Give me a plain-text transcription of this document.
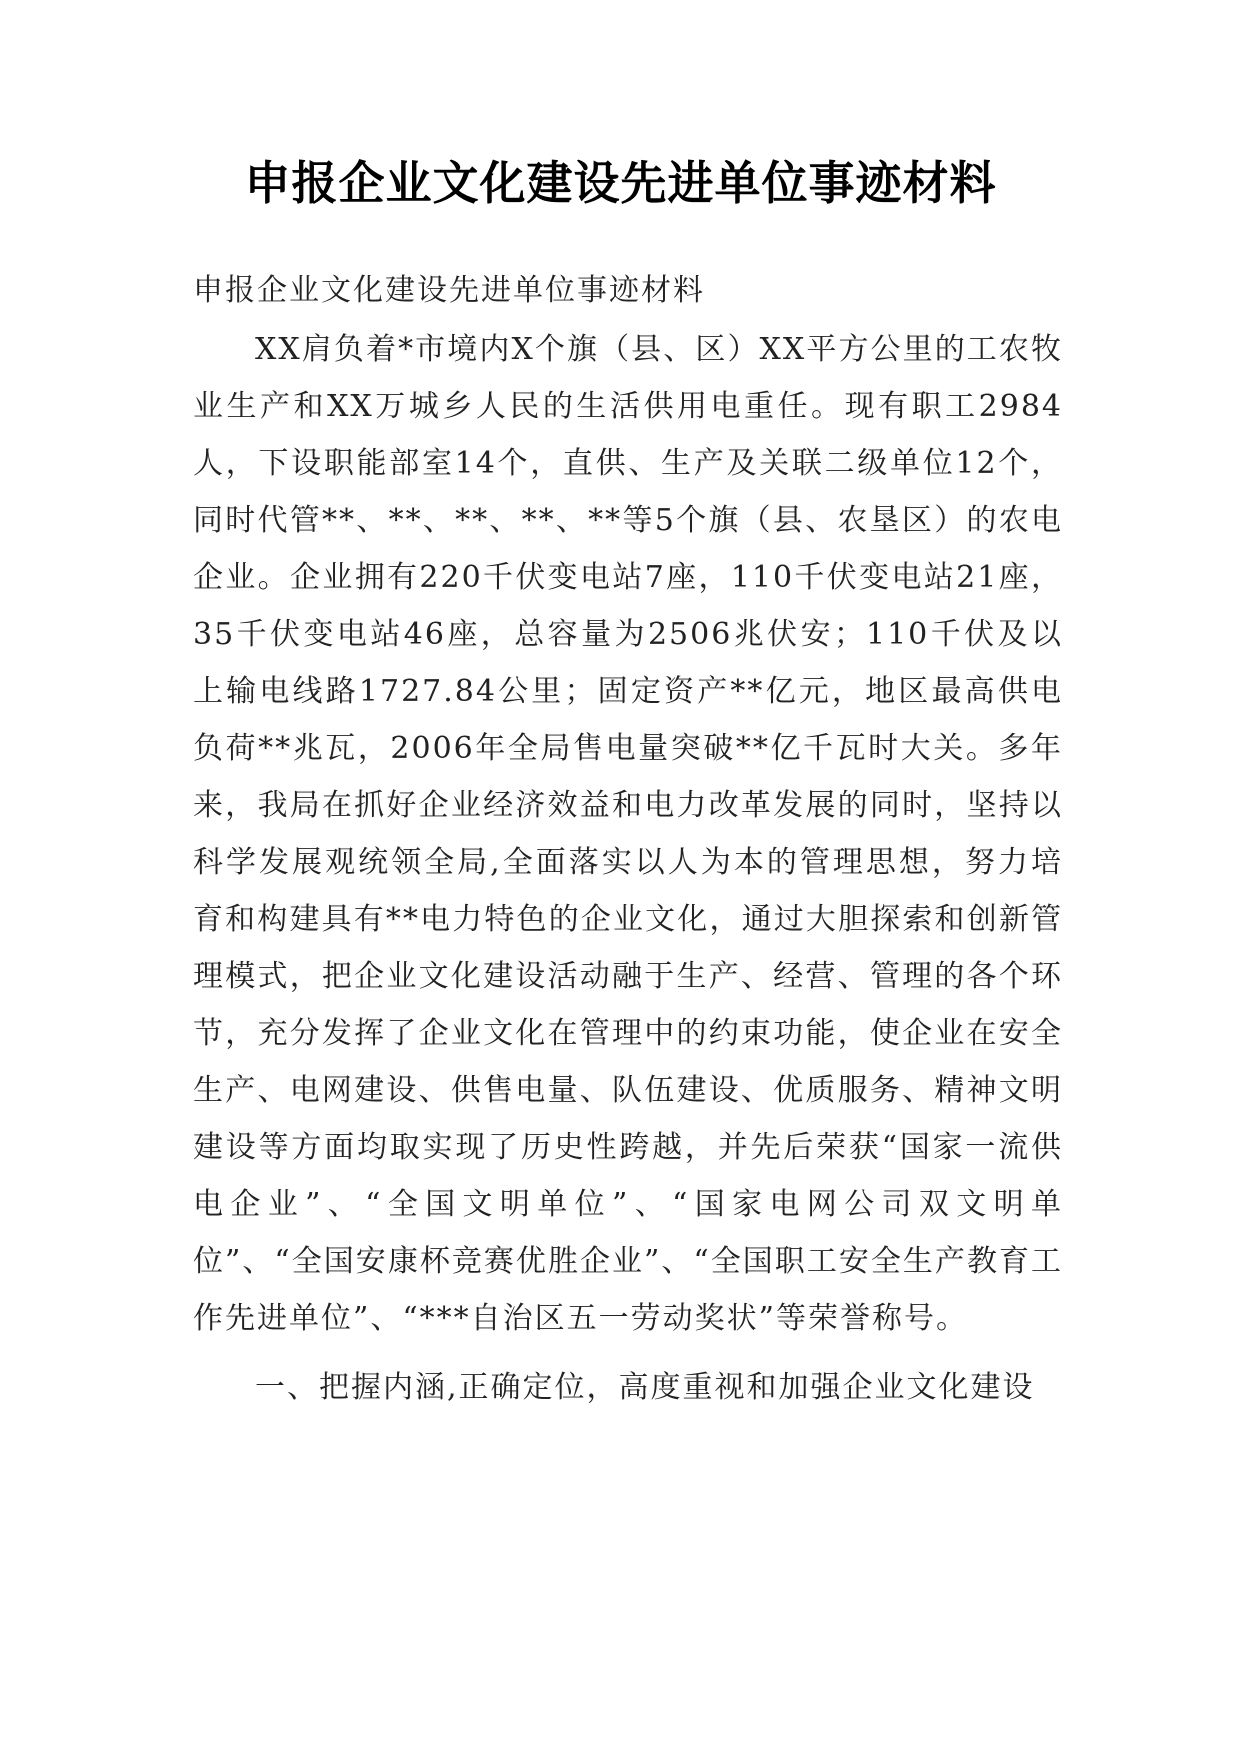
申报企业文化建设先进单位事迹材料

申报企业文化建设先进单位事迹材料

XX肩负着*市境内X个旗（县、区）XX平方公里的工农牧业生产和XX万城乡人民的生活供用电重任。现有职工2984人，下设职能部室14个，直供、生产及关联二级单位12个，同时代管**、**、**、**、**等5个旗（县、农垦区）的农电企业。企业拥有220千伏变电站7座，110千伏变电站21座，35千伏变电站46座，总容量为2506兆伏安；110千伏及以上输电线路1727.84公里；固定资产**亿元，地区最高供电负荷**兆瓦，2006年全局售电量突破**亿千瓦时大关。多年来，我局在抓好企业经济效益和电力改革发展的同时，坚持以科学发展观统领全局,全面落实以人为本的管理思想，努力培育和构建具有**电力特色的企业文化，通过大胆探索和创新管理模式，把企业文化建设活动融于生产、经营、管理的各个环节，充分发挥了企业文化在管理中的约束功能，使企业在安全生产、电网建设、供售电量、队伍建设、优质服务、精神文明建设等方面均取实现了历史性跨越，并先后荣获“国家一流供电企业”、“全国文明单位”、“国家电网公司双文明单位”、“全国安康杯竞赛优胜企业”、“全国职工安全生产教育工作先进单位”、“***自治区五一劳动奖状”等荣誉称号。

一、把握内涵,正确定位，高度重视和加强企业文化建设
